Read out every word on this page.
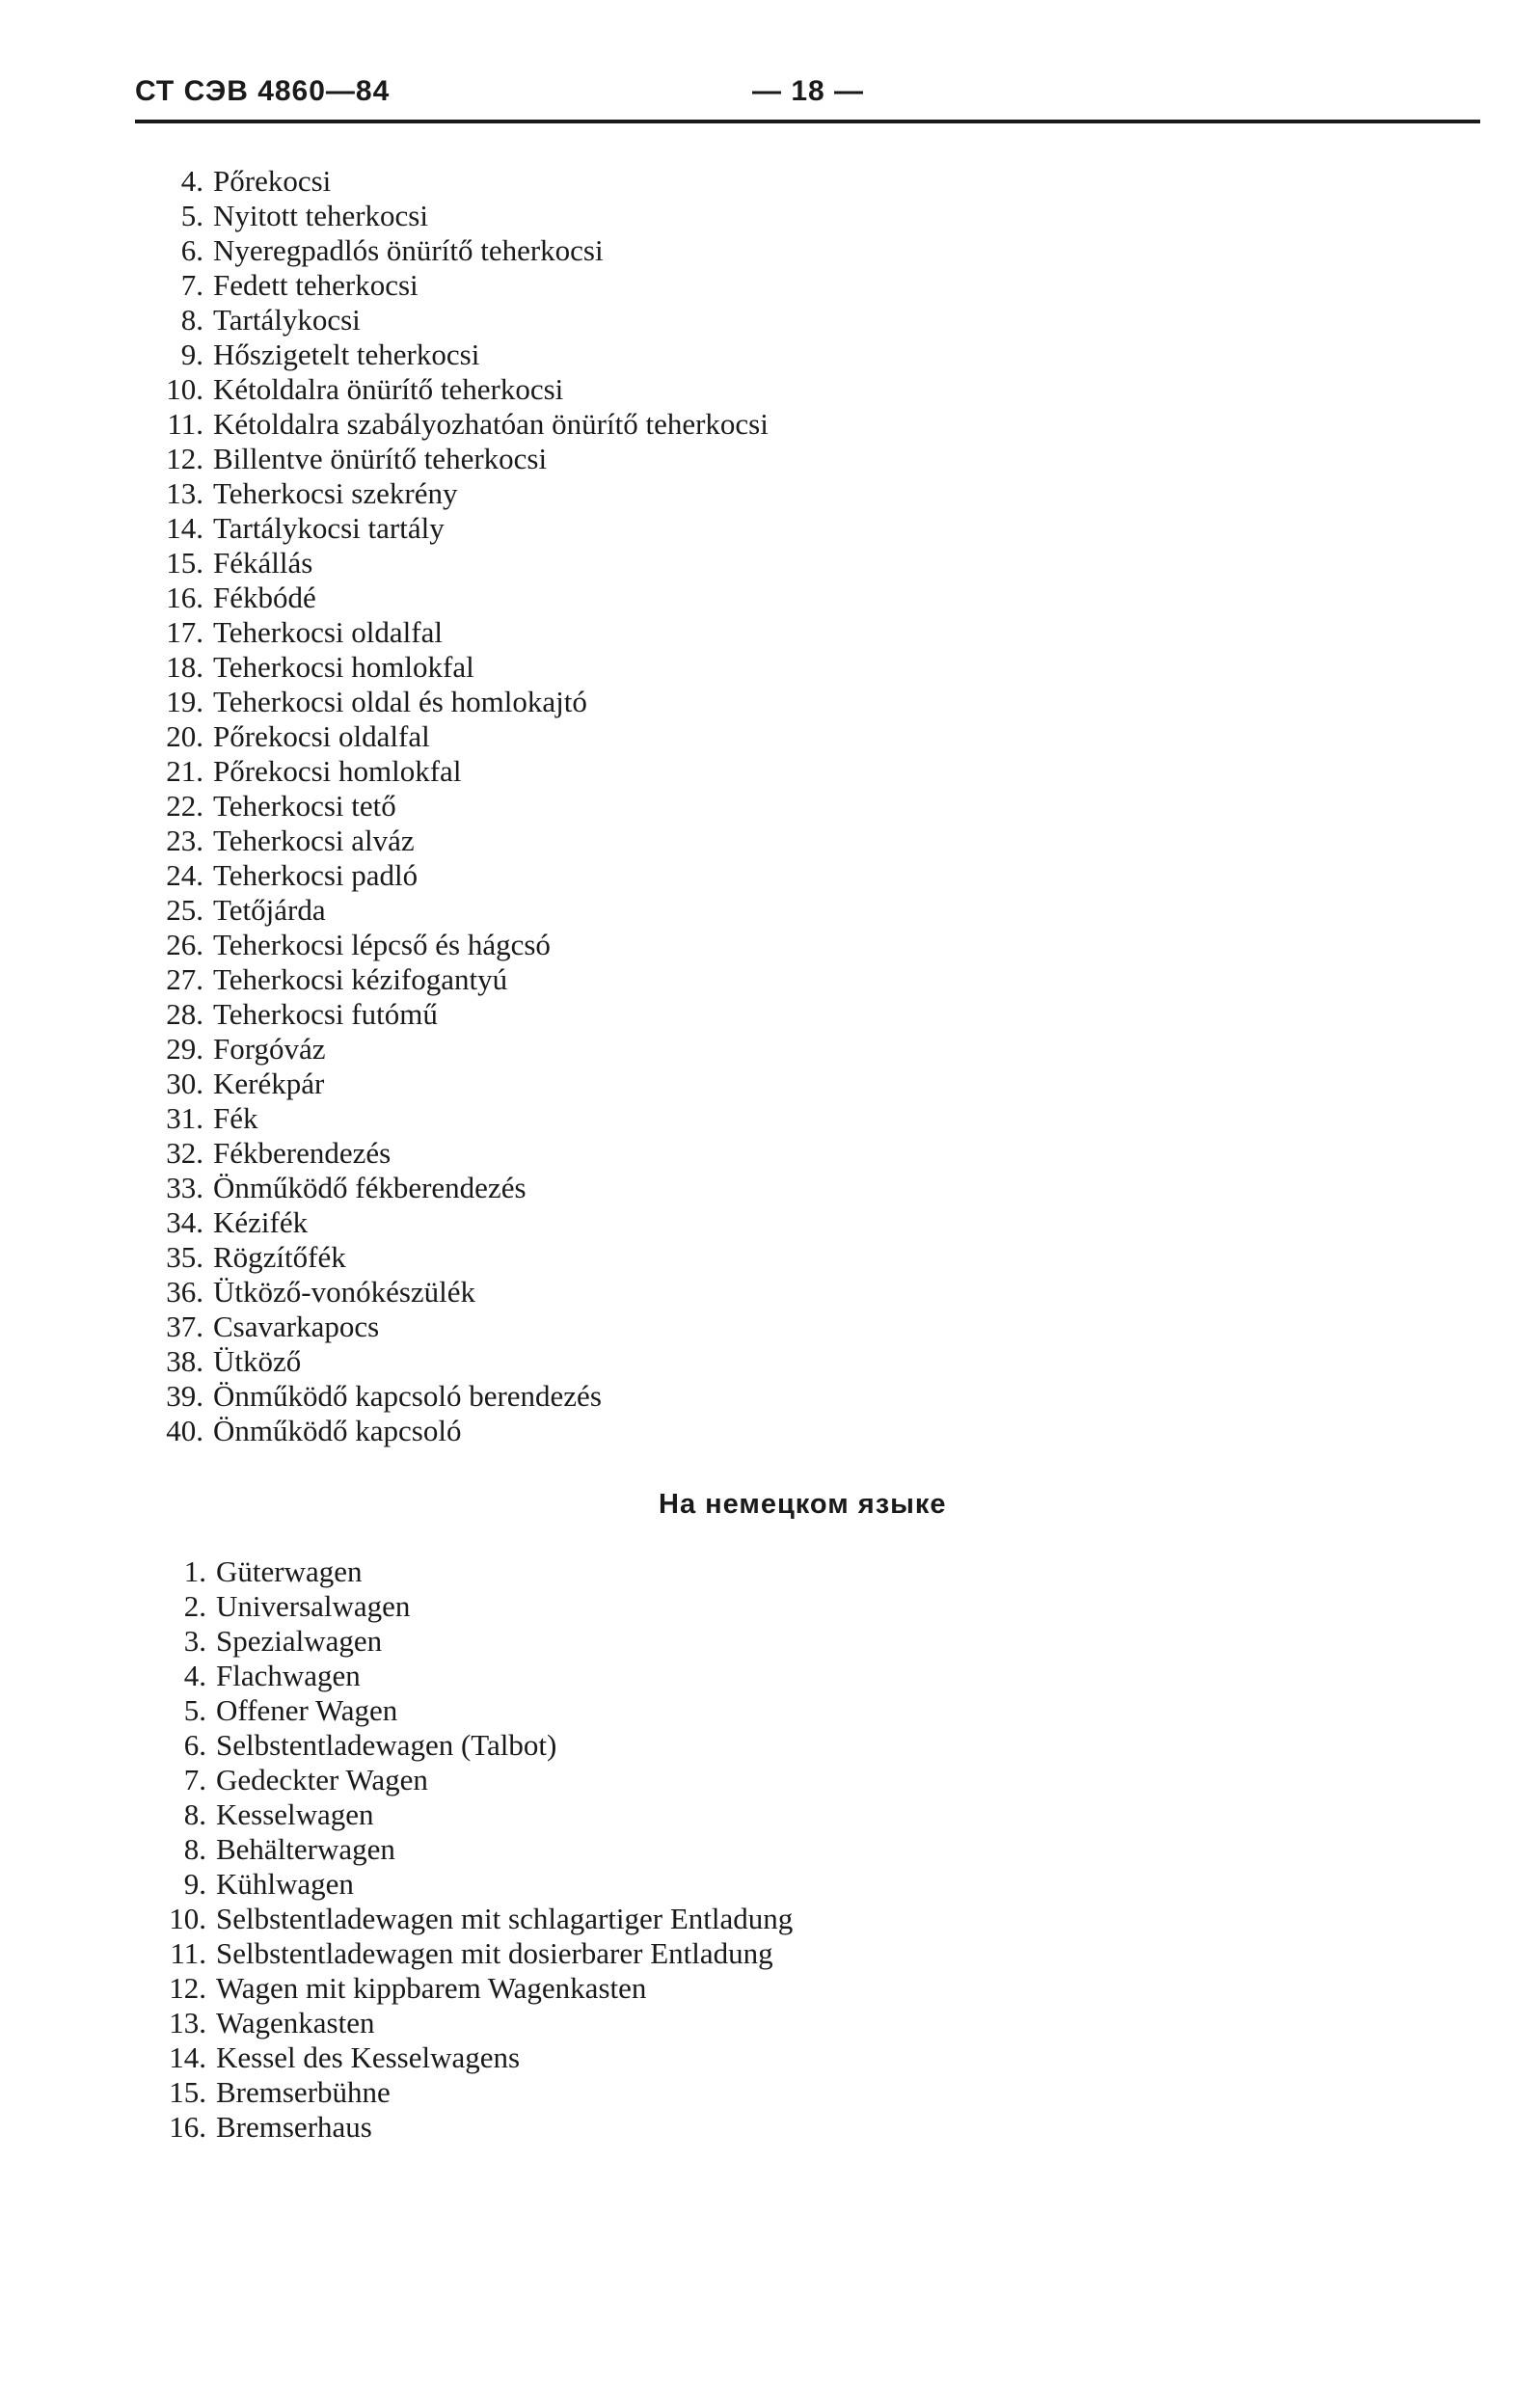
СТ СЭВ 4860—84	— 18 —
4. Pőrekocsi
5. Nyitott teherkocsi
6. Nyeregpadlós önürítő teherkocsi
7. Fedett teherkocsi
8. Tartálykocsi
9. Hőszigetelt teherkocsi
10. Kétoldalra önürítő teherkocsi
11. Kétoldalra szabályozhatóan önürítő teherkocsi
12. Billentve önürítő teherkocsi
13. Teherkocsi szekrény
14. Tartálykocsi tartály
15. Fékállás
16. Fékbódé
17. Teherkocsi oldalfal
18. Teherkocsi homlokfal
19. Teherkocsi oldal és homlokajtó
20. Pőrekocsi oldalfal
21. Pőrekocsi homlokfal
22. Teherkocsi tető
23. Teherkocsi alváz
24. Teherkocsi padló
25. Tetőjárda
26. Teherkocsi lépcső és hágcsó
27. Teherkocsi kézifogantyú
28. Teherkocsi futómű
29. Forgóváz
30. Kerékpár
31. Fék
32. Fékberendezés
33. Önműködő fékberendezés
34. Kézifék
35. Rögzítőfék
36. Ütköző-vonókészülék
37. Csavarkapocs
38. Ütköző
39. Önműködő kapcsoló berendezés
40. Önműködő kapcsoló
На немецком языке
1. Güterwagen
2. Universalwagen
3. Spezialwagen
4. Flachwagen
5. Offener Wagen
6. Selbstentladewagen (Talbot)
7. Gedeckter Wagen
8. Kesselwagen
8. Behälterwagen
9. Kühlwagen
10. Selbstentladewagen mit schlagartiger Entladung
11. Selbstentladewagen mit dosierbarer Entladung
12. Wagen mit kippbarem Wagenkasten
13. Wagenkasten
14. Kessel des Kesselwagens
15. Bremserbühne
16. Bremserhaus
